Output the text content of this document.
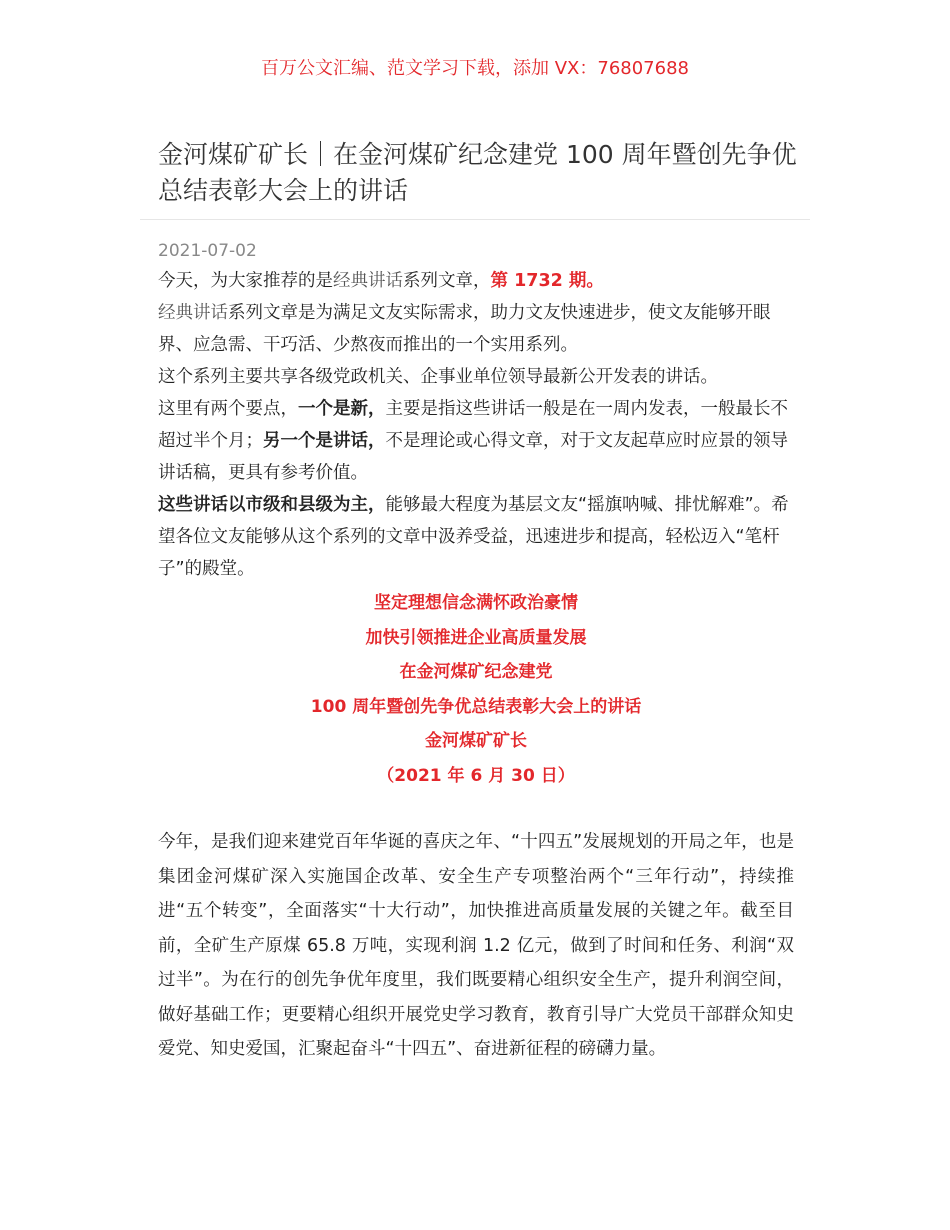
百万公文汇编、范文学习下载，添加 VX：76807688
金河煤矿矿长｜在金河煤矿纪念建党 100 周年暨创先争优总结表彰大会上的讲话
2021-07-02

今天，为大家推荐的是经典讲话系列文章，第 1732 期。

经典讲话系列文章是为满足文友实际需求，助力文友快速进步，使文友能够开眼界、应急需、干巧活、少熬夜而推出的一个实用系列。

这个系列主要共享各级党政机关、企事业单位领导最新公开发表的讲话。

这里有两个要点，一个是新，主要是指这些讲话一般是在一周内发表，一般最长不超过半个月；另一个是讲话，不是理论或心得文章，对于文友起草应时应景的领导讲话稿，更具有参考价值。

这些讲话以市级和县级为主，能够最大程度为基层文友“摇旗呐喊、排忧解难”。希望各位文友能够从这个系列的文章中汲养受益，迅速进步和提高，轻松迈入“笔杆子”的殿堂。

坚定理想信念满怀政治豪情
加快引领推进企业高质量发展
在金河煤矿纪念建党
100 周年暨创先争优总结表彰大会上的讲话
金河煤矿矿长
（2021 年 6 月 30 日）

今年，是我们迎来建党百年华诞的喜庆之年、“十四五”发展规划的开局之年，也是集团金河煤矿深入实施国企改革、安全生产专项整治两个“三年行动”，持续推进“五个转变”，全面落实“十大行动”，加快推进高质量发展的关键之年。截至目前，全矿生产原煤 65.8 万吨，实现利润 1.2 亿元，做到了时间和任务、利润“双过半”。为在行的创先争优年度里，我们既要精心组织安全生产，提升利润空间，做好基础工作；更要精心组织开展党史学习教育，教育引导广大党员干部群众知史爱党、知史爱国，汇聚起奋斗“十四五”、奋进新征程的磅礴力量。
